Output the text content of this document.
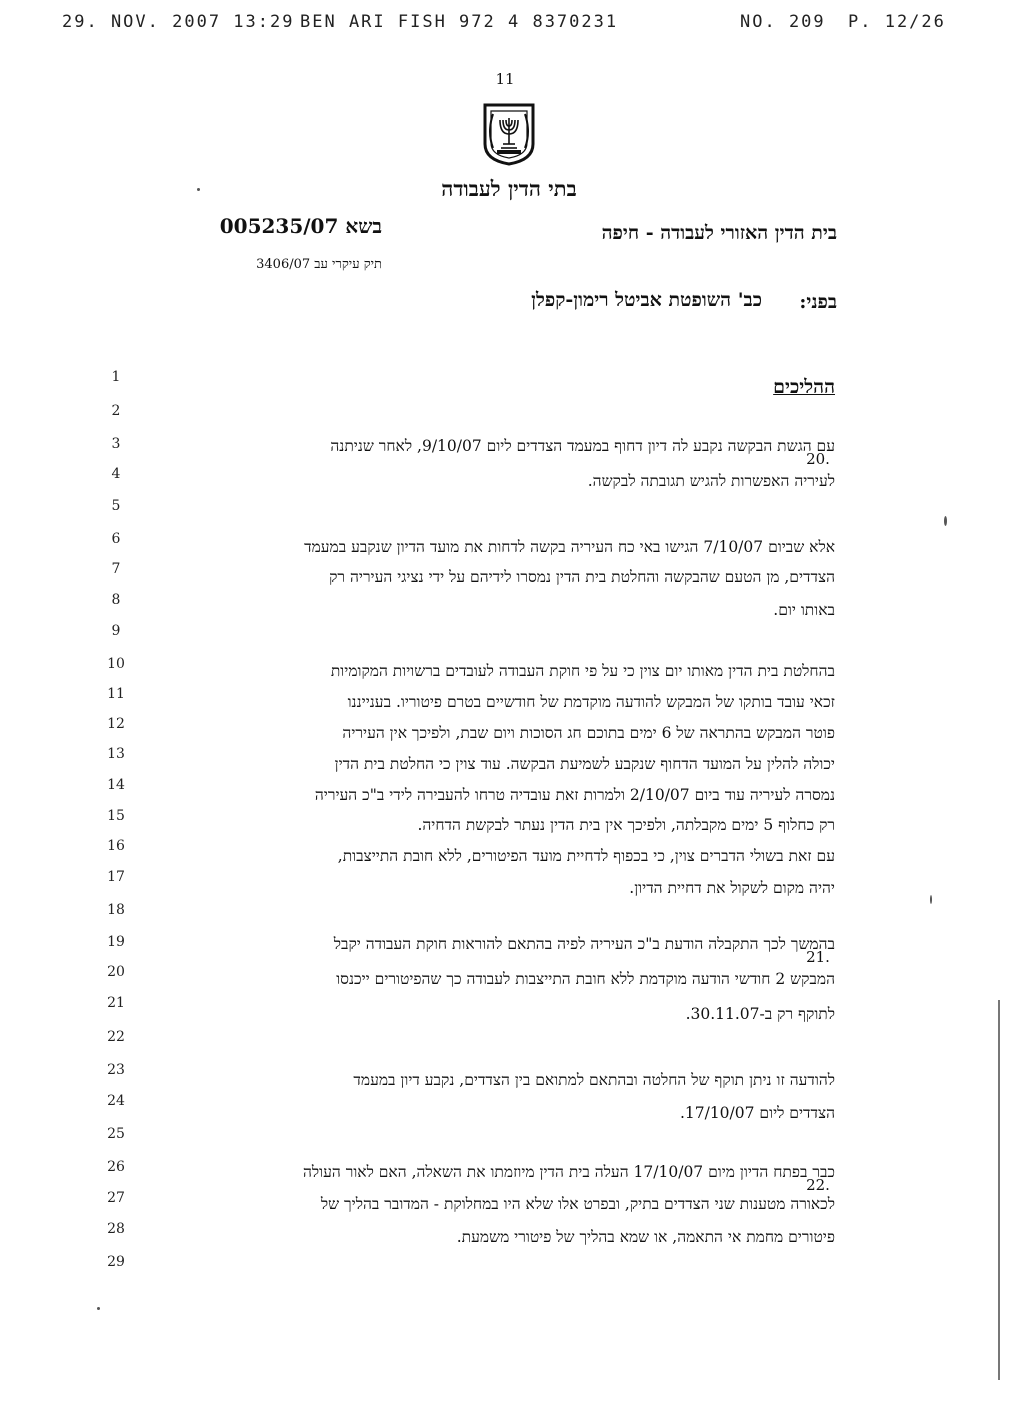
29. NOV. 2007 13:29 BEN ARI FISH 972 4 8370231	NO. 209 P. 12/26
11
בתי הדין לעבודה
בשא 005235/07
תיק עיקרי עב 3406/07
בית הדין האזורי לעבודה - חיפה
בפני:
כב' השופטת אביטל רימון-קפלן
ההליכים
1
2
3
4
5
6
7
8
9
10
11
12
13
14
15
16
17
18
19
20
21
22
23
24
25
26
27
28
29
20.
21.
22.
עם הגשת הבקשה נקבע לה דיון דחוף במעמד הצדדים ליום 9/10/07, לאחר שניתנה
לעיריה האפשרות להגיש תגובתה לבקשה.
אלא שביום 7/10/07 הגישו באי כח העיריה בקשה לדחות את מועד הדיון שנקבע במעמד
הצדדים, מן הטעם שהבקשה והחלטת בית הדין נמסרו לידיהם על ידי נציגי העיריה רק
באותו יום.
בהחלטת בית הדין מאותו יום צוין כי על פי חוקת העבודה לעובדים ברשויות המקומיות
זכאי עובד בותקו של המבקש להודעה מוקדמת של חודשיים בטרם פיטוריו. בענייננו
פוטר המבקש בהתראה של 6 ימים בתוכם חג הסוכות ויום שבת, ולפיכך אין העיריה
יכולה להלין על המועד הדחוף שנקבע לשמיעת הבקשה. עוד צוין כי החלטת בית הדין
נמסרה לעיריה עוד ביום 2/10/07 ולמרות זאת עובדיה טרחו להעבירה לידי ב"כ העיריה
רק כחלוף 5 ימים מקבלתה, ולפיכך אין בית הדין נעתר לבקשת הדחיה.
עם זאת בשולי הדברים צוין, כי בכפוף לדחיית מועד הפיטורים, ללא חובת התייצבות,
יהיה מקום לשקול את דחיית הדיון.
בהמשך לכך התקבלה הודעת ב"כ העיריה לפיה בהתאם להוראות חוקת העבודה יקבל
המבקש 2 חודשי הודעה מוקדמת ללא חובת התייצבות לעבודה כך שהפיטורים ייכנסו
לתוקף רק ב-30.11.07.
להודעה זו ניתן תוקף של החלטה ובהתאם למתואם בין הצדדים, נקבע דיון במעמד
הצדדים ליום 17/10/07.
כבר בפתח הדיון מיום 17/10/07 העלה בית הדין מיוזמתו את השאלה, האם לאור העולה
לכאורה מטענות שני הצדדים בתיק, ובפרט אלו שלא היו במחלוקת - המדובר בהליך של
פיטורים מחמת אי התאמה, או שמא בהליך של פיטורי משמעת.
